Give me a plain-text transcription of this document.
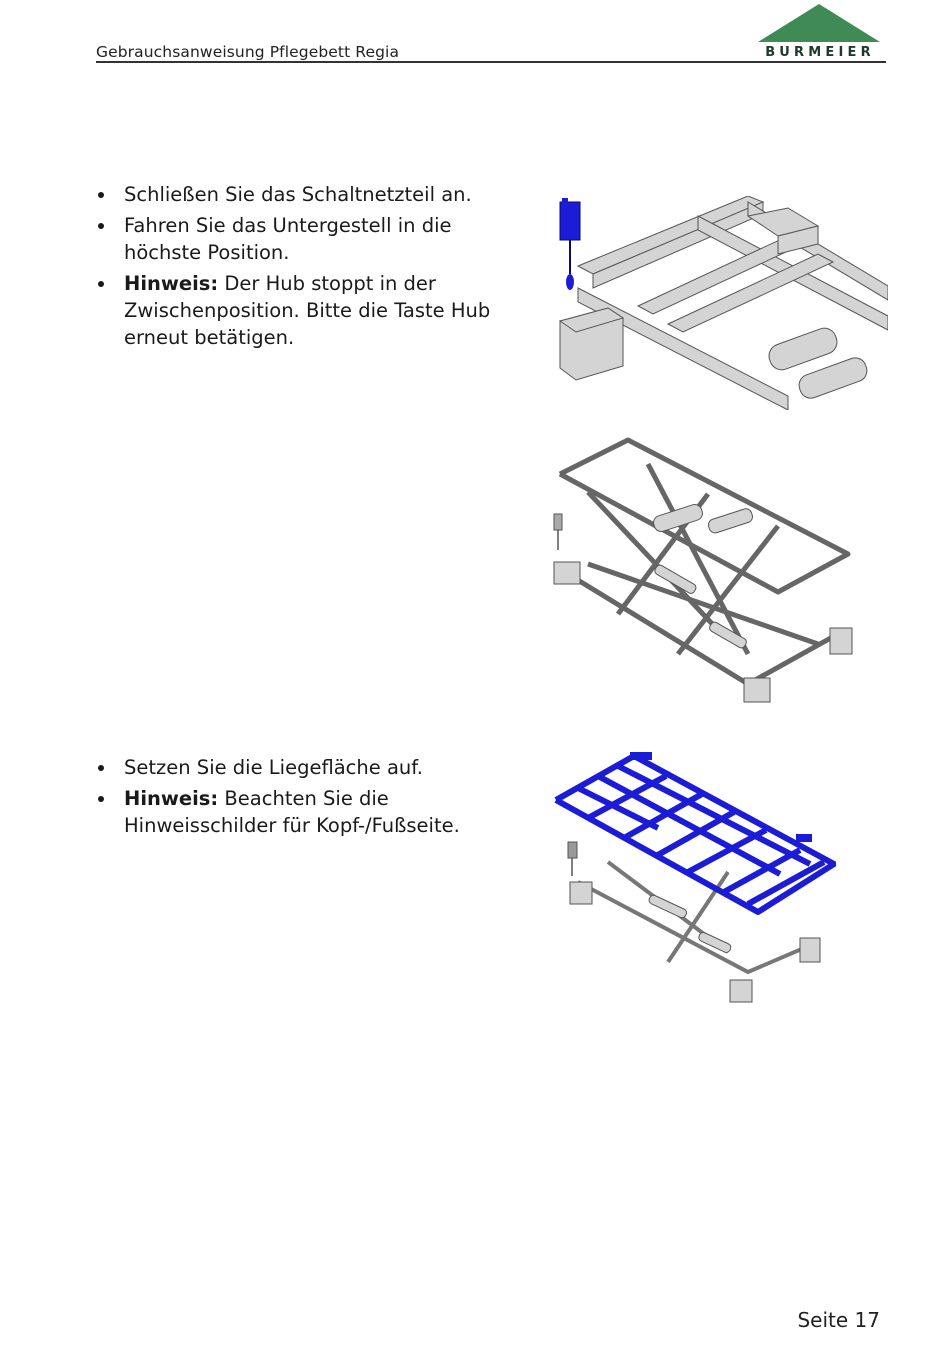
Gebrauchsanweisung Pflegebett Regia	BURMEIER
Schließen Sie das Schaltnetzteil an.
Fahren Sie das Untergestell in die höchste Position.
Hinweis: Der Hub stoppt in der Zwischenposition. Bitte die Taste Hub erneut betätigen.
Setzen Sie die Liegefläche auf.
Hinweis: Beachten Sie die Hinweisschilder für Kopf-/Fußseite.
Seite 17
